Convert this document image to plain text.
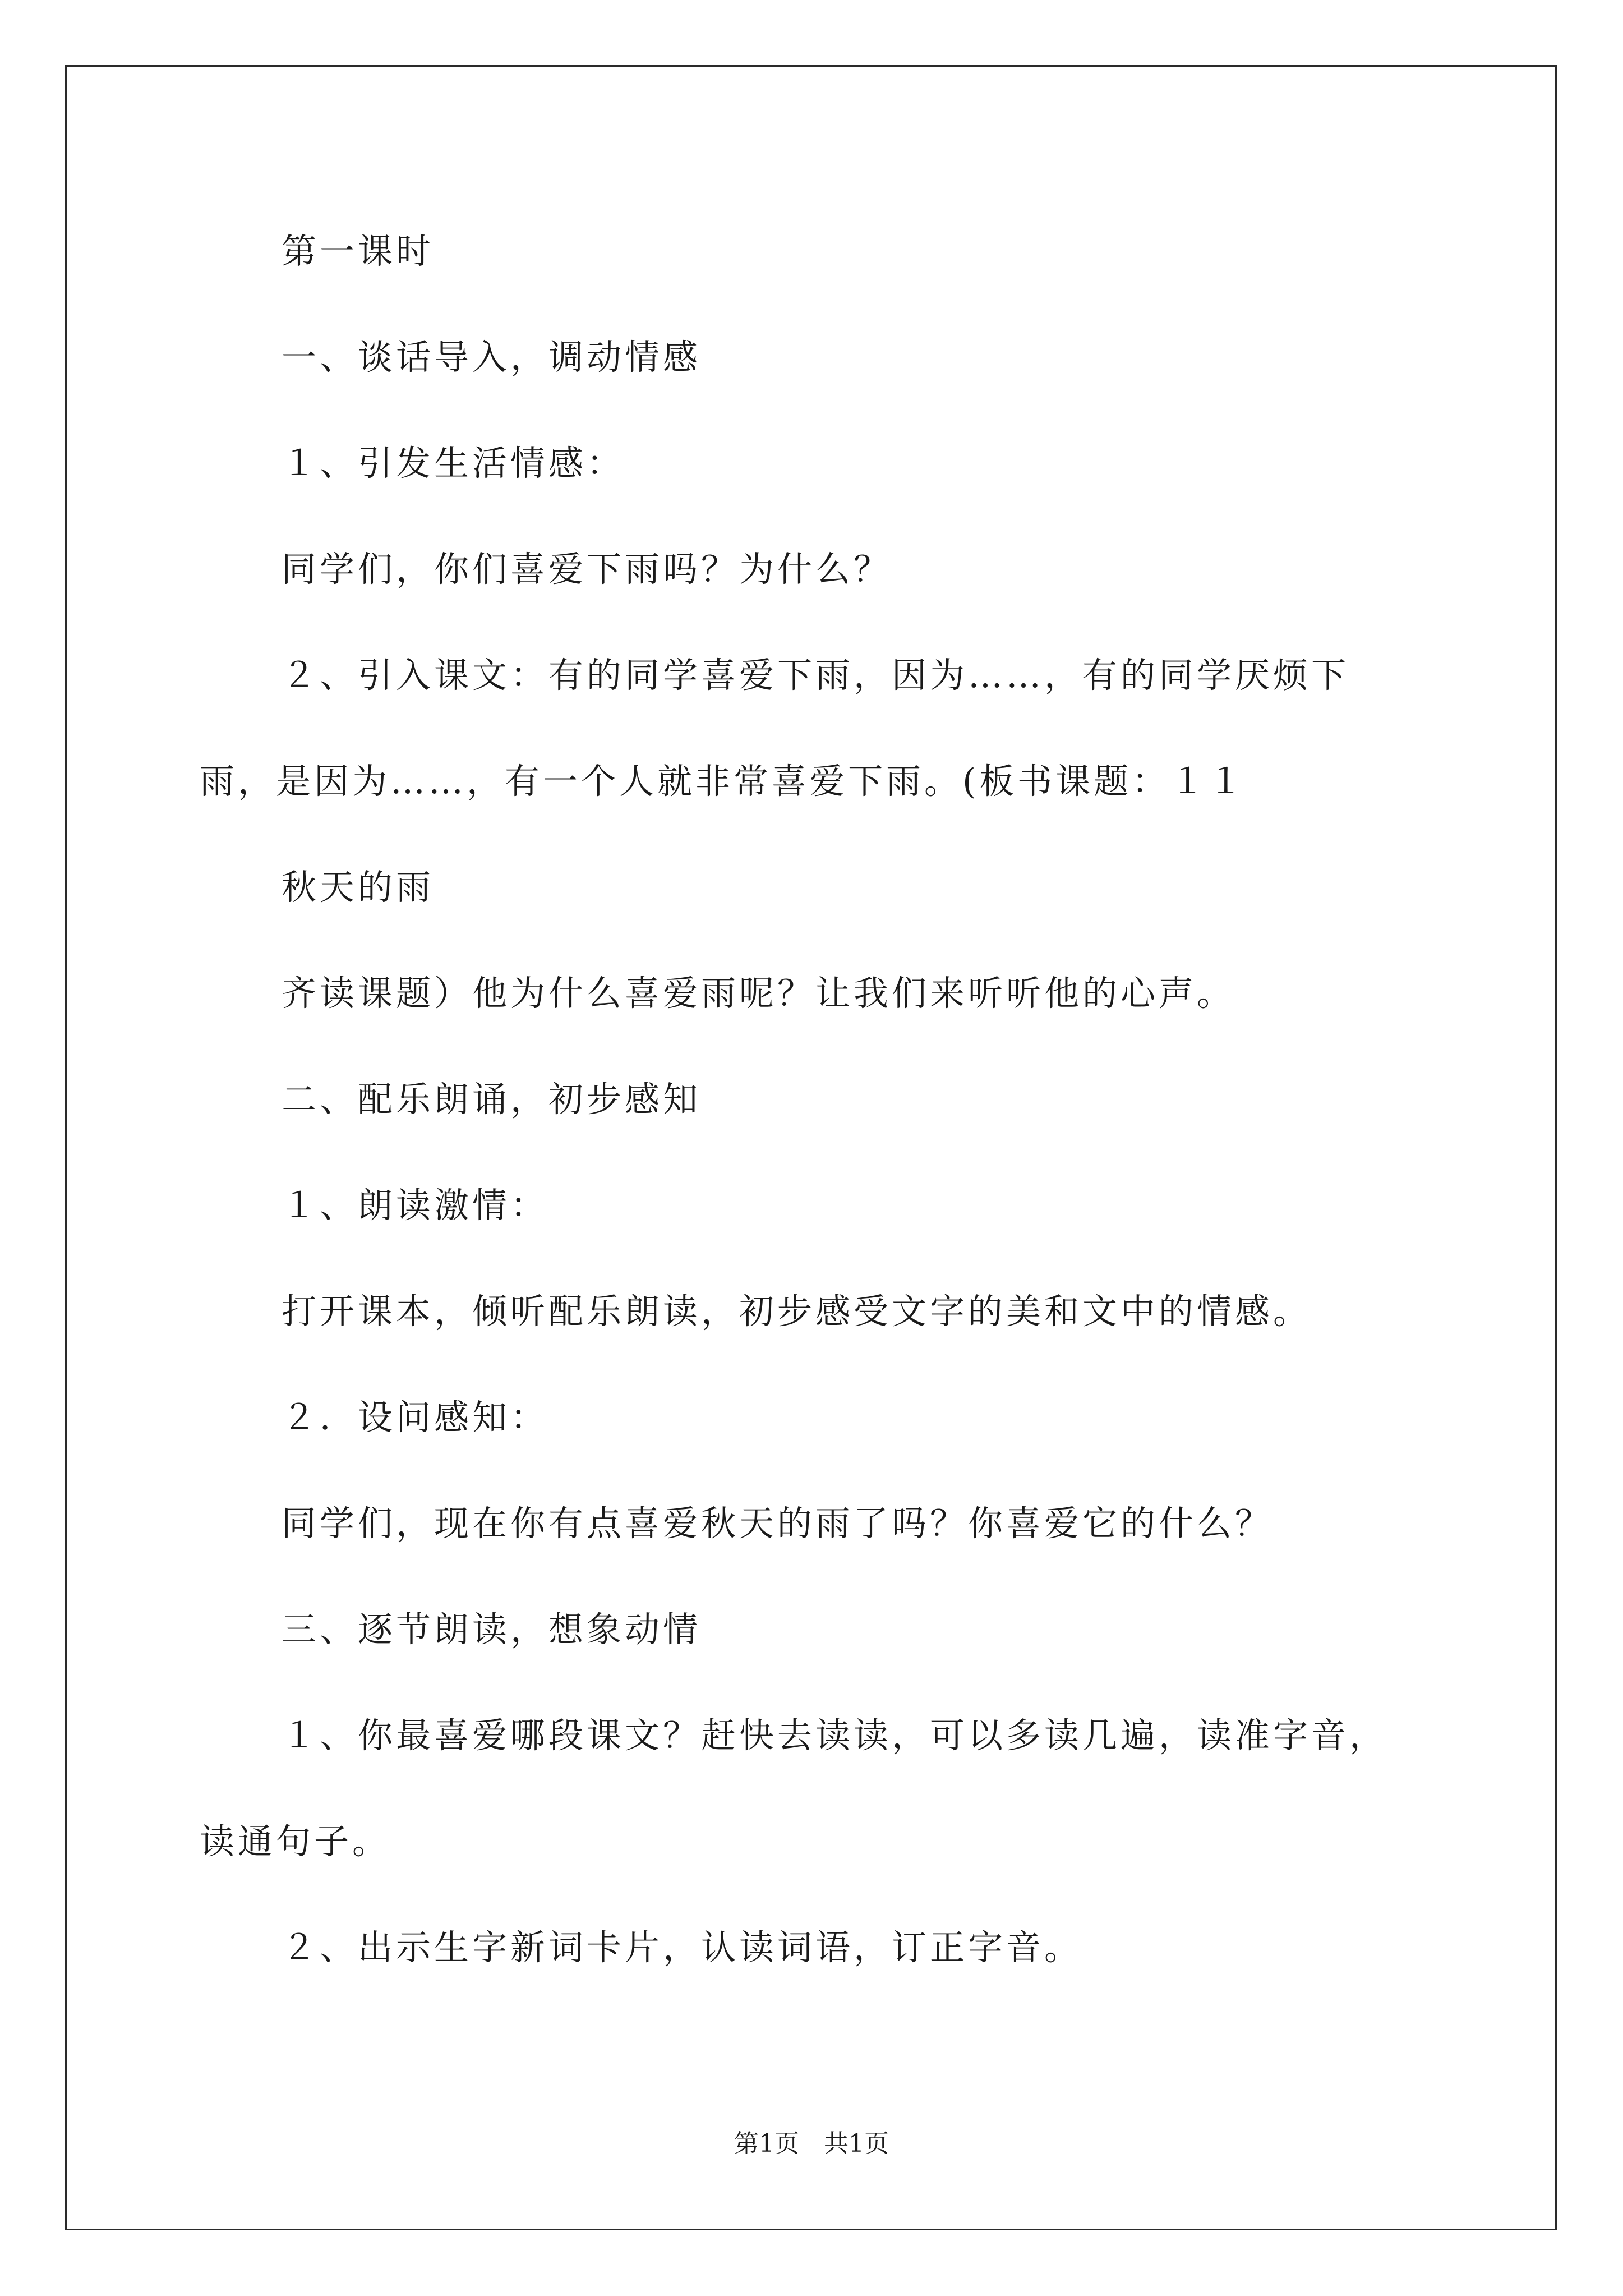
第一课时
一、谈话导入，调动情感
１、引发生活情感：
同学们，你们喜爱下雨吗？为什么？
２、引入课文：有的同学喜爱下雨，因为……，有的同学厌烦下
雨，是因为……，有一个人就非常喜爱下雨。(板书课题：１１
秋天的雨
齐读课题）他为什么喜爱雨呢？让我们来听听他的心声。
二、配乐朗诵，初步感知
１、朗读激情：
打开课本，倾听配乐朗读，初步感受文字的美和文中的情感。
２．设问感知：
同学们，现在你有点喜爱秋天的雨了吗？你喜爱它的什么？
三、逐节朗读，想象动情
１、你最喜爱哪段课文？赶快去读读，可以多读几遍，读准字音，
读通句子。
２、出示生字新词卡片，认读词语，订正字音。
第1页　共1页
